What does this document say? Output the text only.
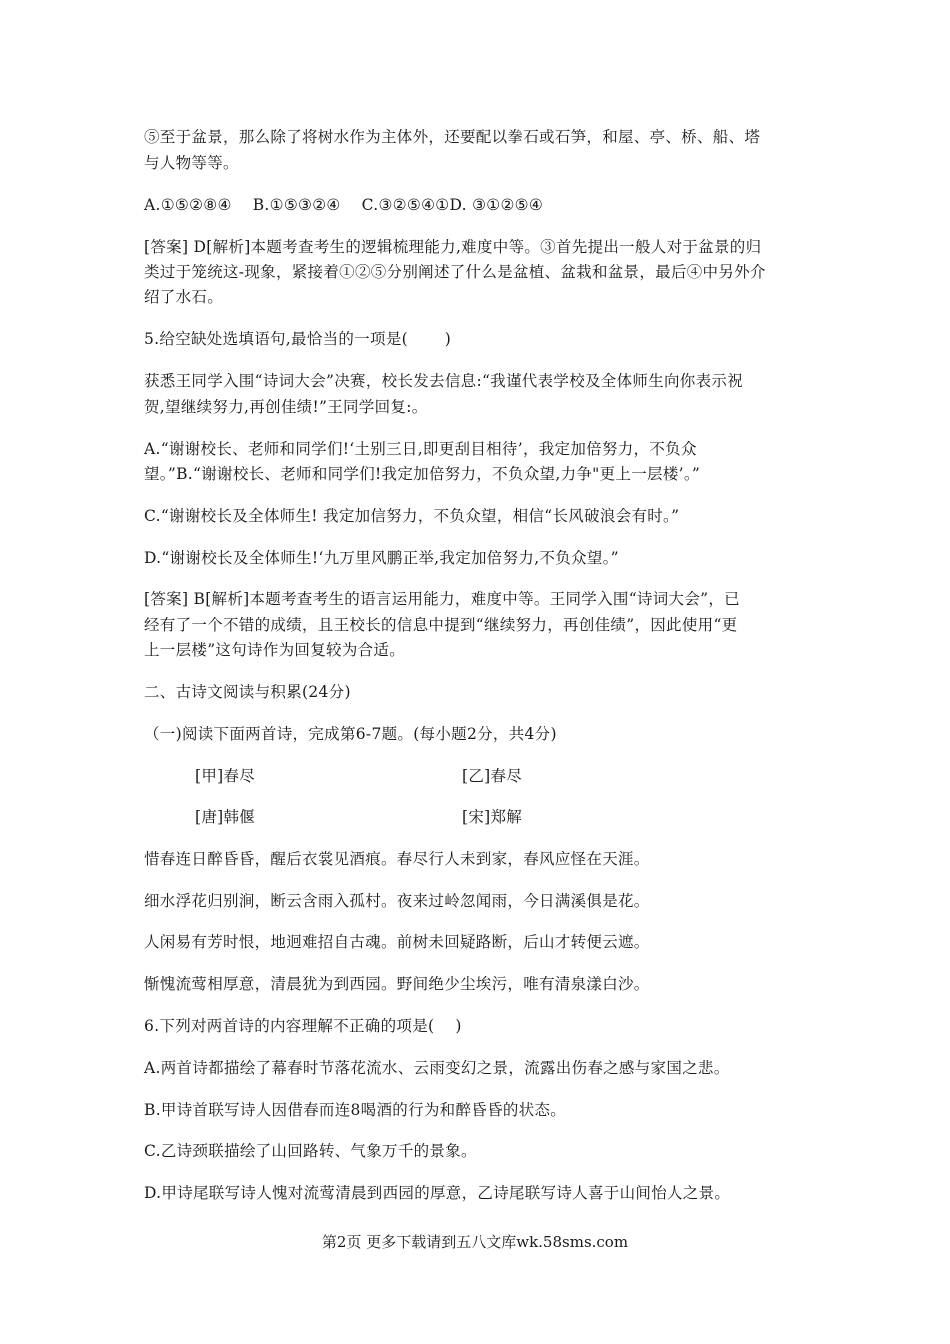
⑤至于盆景，那么除了将树水作为主体外，还要配以拳石或石笋，和屋、亭、桥、船、塔
与人物等等。
A.①⑤②⑧④　 B.①⑤③②④　 C.③②⑤④①D. ③①②⑤④
[答案] D[解析]本题考查考生的逻辑梳理能力,难度中等。③首先提出一般人对于盆景的归
类过于笼统这-现象，紧接着①②⑤分别阐述了什么是盆植、盆栽和盆景，最后④中另外介
绍了水石。
5.给空缺处选填语句,最恰当的一项是(　　 )
获悉王同学入围“诗词大会”决赛，校长发去信息:“我谨代表学校及全体师生向你表示祝
贺,望继续努力,再创佳绩!”王同学回复:。
A.“谢谢校长、老师和同学们!‘土别三日,即更刮目相待’，我定加倍努力，不负众
望。”B.“谢谢校长、老师和同学们!我定加倍努力，不负众望,力争"更上一层楼’。”
C.“谢谢校长及全体师生! 我定加信努力，不负众望，相信“长风破浪会有时。”
D.“谢谢校长及全体师生!‘九万里风鹏正举,我定加倍努力,不负众望。”
[答案] B[解析]本题考查考生的语言运用能力，难度中等。王同学入围“诗词大会”，已
经有了一个不错的成绩，且王校长的信息中提到“继续努力，再创佳绩”，因此使用“更
上一层楼”这句诗作为回复较为合适。
二、古诗文阅读与积累(24分)
（一)阅读下面两首诗，完成第6-7题。(每小题2分，共4分)
[甲]春尽	[乙]春尽
[唐]韩偃	[宋]郑解
惜春连日醉昏昏，醒后衣裳见酒痕。春尽行人未到家，春风应怪在天涯。
细水浮花归别涧，断云含雨入孤村。夜来过岭忽闻雨，今日满溪俱是花。
人闲易有芳时恨，地迥难招自古魂。前树未回疑路断，后山才转便云遮。
惭愧流莺相厚意，清晨犹为到西园。野间绝少尘埃污，唯有清泉漾白沙。
6.下列对两首诗的内容理解不正确的项是(　 )
A.两首诗都描绘了幕春时节落花流水、云雨变幻之景，流露出伤春之感与家国之悲。
B.甲诗首联写诗人因借春而连8喝酒的行为和醉昏昏的状态。
C.乙诗颈联描绘了山回路转、气象万千的景象。
D.甲诗尾联写诗人愧对流莺清晨到西园的厚意，乙诗尾联写诗人喜于山间怡人之景。
第2页 更多下载请到五八文库wk.58sms.com
